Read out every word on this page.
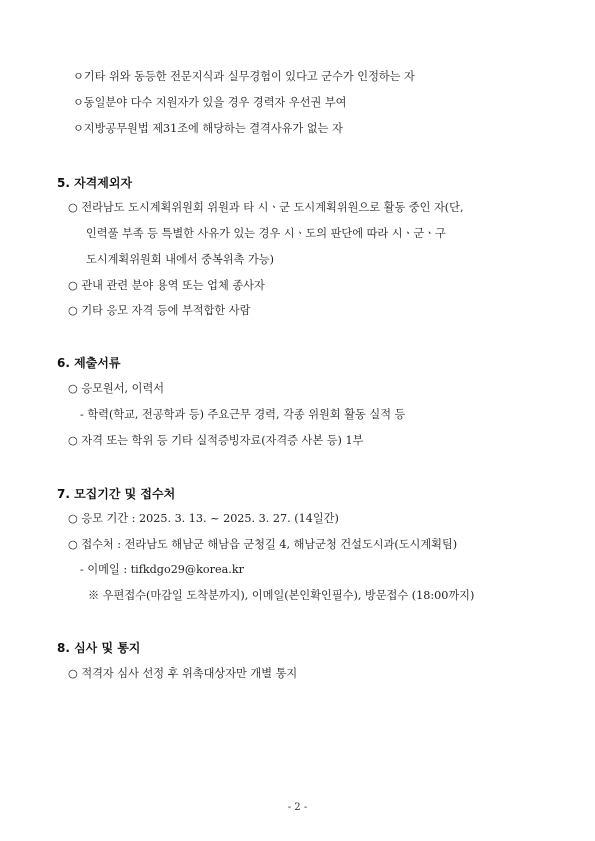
ㅇ기타 위와 동등한 전문지식과 실무경험이 있다고 군수가 인정하는 자
ㅇ동일분야 다수 지원자가 있을 경우 경력자 우선권 부여
ㅇ지방공무원법 제31조에 해당하는 결격사유가 없는 자
5. 자격제외자
○ 전라남도 도시계획위원회 위원과 타 시ㆍ군 도시계획위원으로 활동 중인 자(단,
인력풀 부족 등 특별한 사유가 있는 경우 시ㆍ도의 판단에 따라 시ㆍ군ㆍ구
도시계획위원회 내에서 중복위촉 가능)
○ 관내 관련 분야 용역 또는 업체 종사자
○ 기타 응모 자격 등에 부적합한 사람
6. 제출서류
○ 응모원서, 이력서
- 학력(학교, 전공학과 등) 주요근무 경력, 각종 위원회 활동 실적 등
○ 자격 또는 학위 등 기타 실적증빙자료(자격증 사본 등) 1부
7. 모집기간 및 접수처
○ 응모 기간 : 2025. 3. 13. ~ 2025. 3. 27. (14일간)
○ 접수처 : 전라남도 해남군 해남읍 군청길 4, 해남군청 건설도시과(도시계획팀)
- 이메일 : tifkdgo29@korea.kr
※ 우편접수(마감일 도착분까지), 이메일(본인확인필수), 방문접수 (18:00까지)
8. 심사 및 통지
○ 적격자 심사 선정 후 위촉대상자만 개별 통지
- 2 -
